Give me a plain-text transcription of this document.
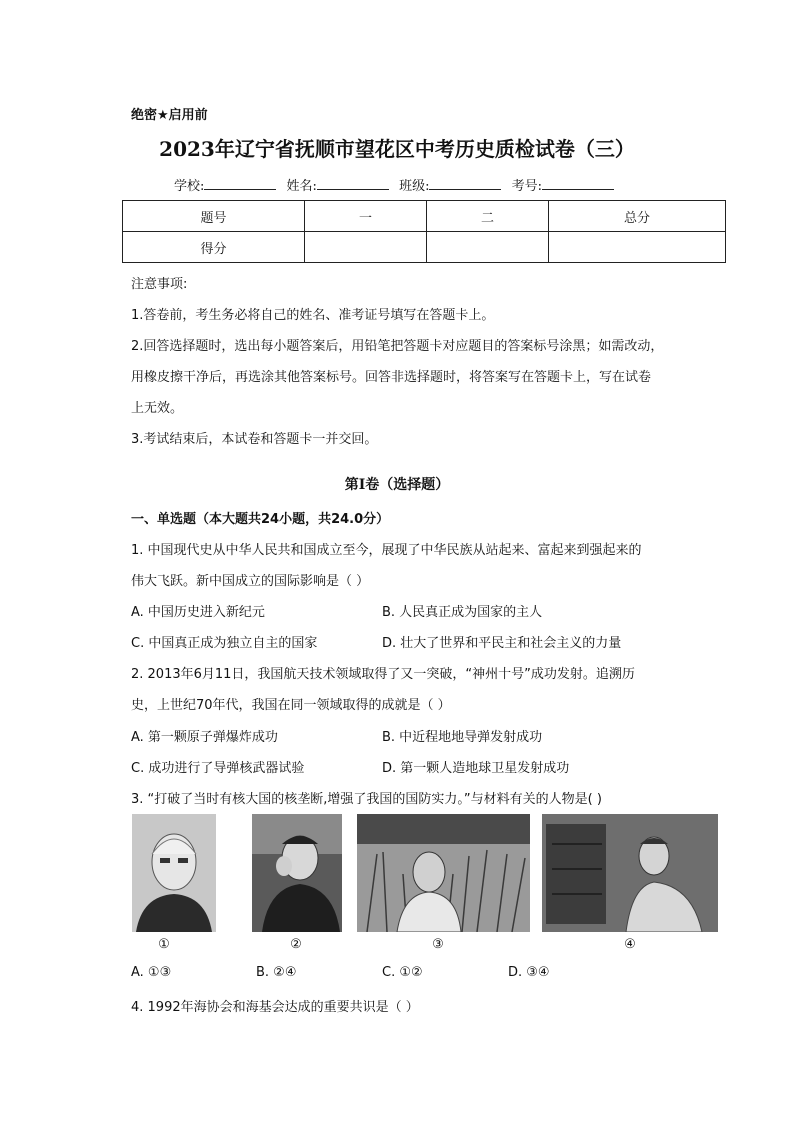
绝密★启用前
2023年辽宁省抚顺市望花区中考历史质检试卷（三）
学校:	姓名:	班级:	考号:
题号	一	二	总分
得分			
注意事项:
1.答卷前，考生务必将自己的姓名、准考证号填写在答题卡上。
2.回答选择题时，选出每小题答案后，用铅笔把答题卡对应题目的答案标号涂黑；如需改动，
用橡皮擦干净后，再选涂其他答案标号。回答非选择题时，将答案写在答题卡上，写在试卷
上无效。
3.考试结束后，本试卷和答题卡一并交回。
第Ⅰ卷（选择题）
一、单选题（本大题共24小题，共24.0分）
1. 中国现代史从中华人民共和国成立至今，展现了中华民族从站起来、富起来到强起来的
伟大飞跃。新中国成立的国际影响是（ ）
A. 中国历史进入新纪元	B. 人民真正成为国家的主人
C. 中国真正成为独立自主的国家	D. 壮大了世界和平民主和社会主义的力量
2. 2013年6月11日，我国航天技术领域取得了又一突破，“神州十号”成功发射。追溯历
史，上世纪70年代，我国在同一领域取得的成就是（ ）
A. 第一颗原子弹爆炸成功	B. 中近程地地导弹发射成功
C. 成功进行了导弹核武器试验	D. 第一颗人造地球卫星发射成功
3. “打破了当时有核大国的核垄断,增强了我国的国防实力。”与材料有关的人物是( )
①	②	③	④
A. ①③	B. ②④	C. ①②	D. ③④
4. 1992年海协会和海基会达成的重要共识是（ ）
